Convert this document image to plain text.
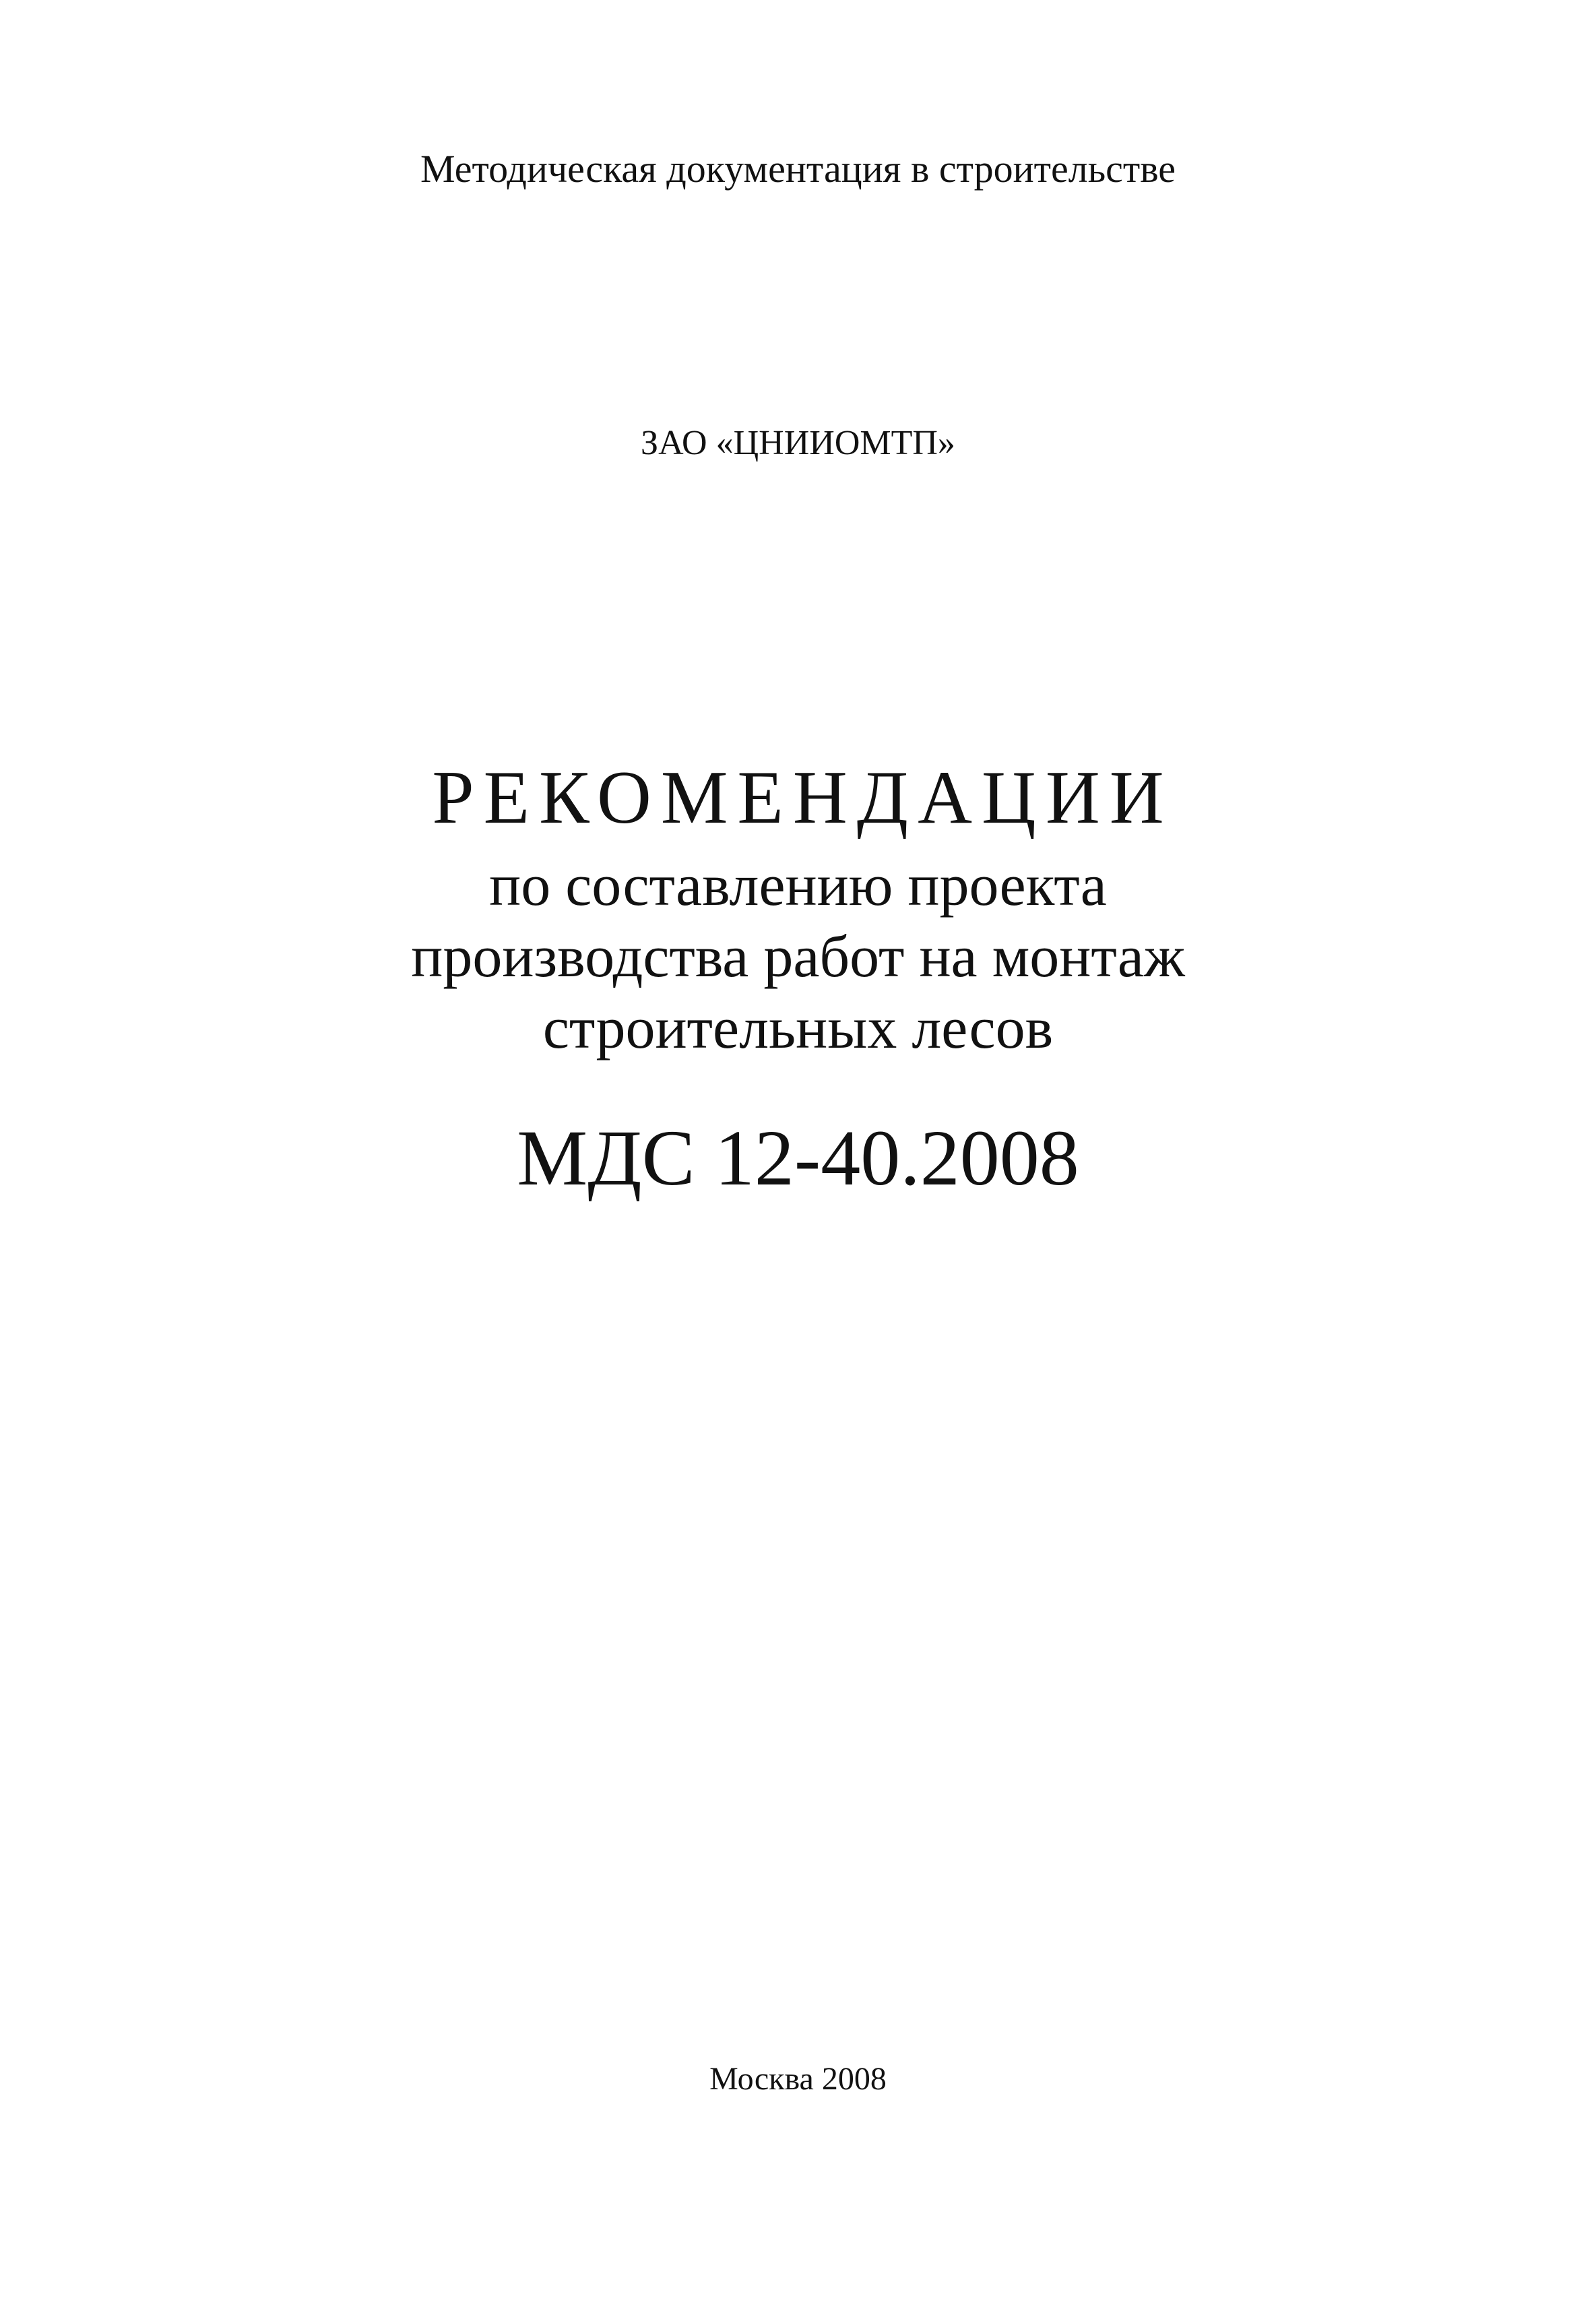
Методическая документация в строительстве
ЗАО «ЦНИИОМТП»
РЕКОМЕНДАЦИИ
по составлению проекта
производства работ на монтаж
строительных лесов
МДС 12-40.2008
Москва 2008
